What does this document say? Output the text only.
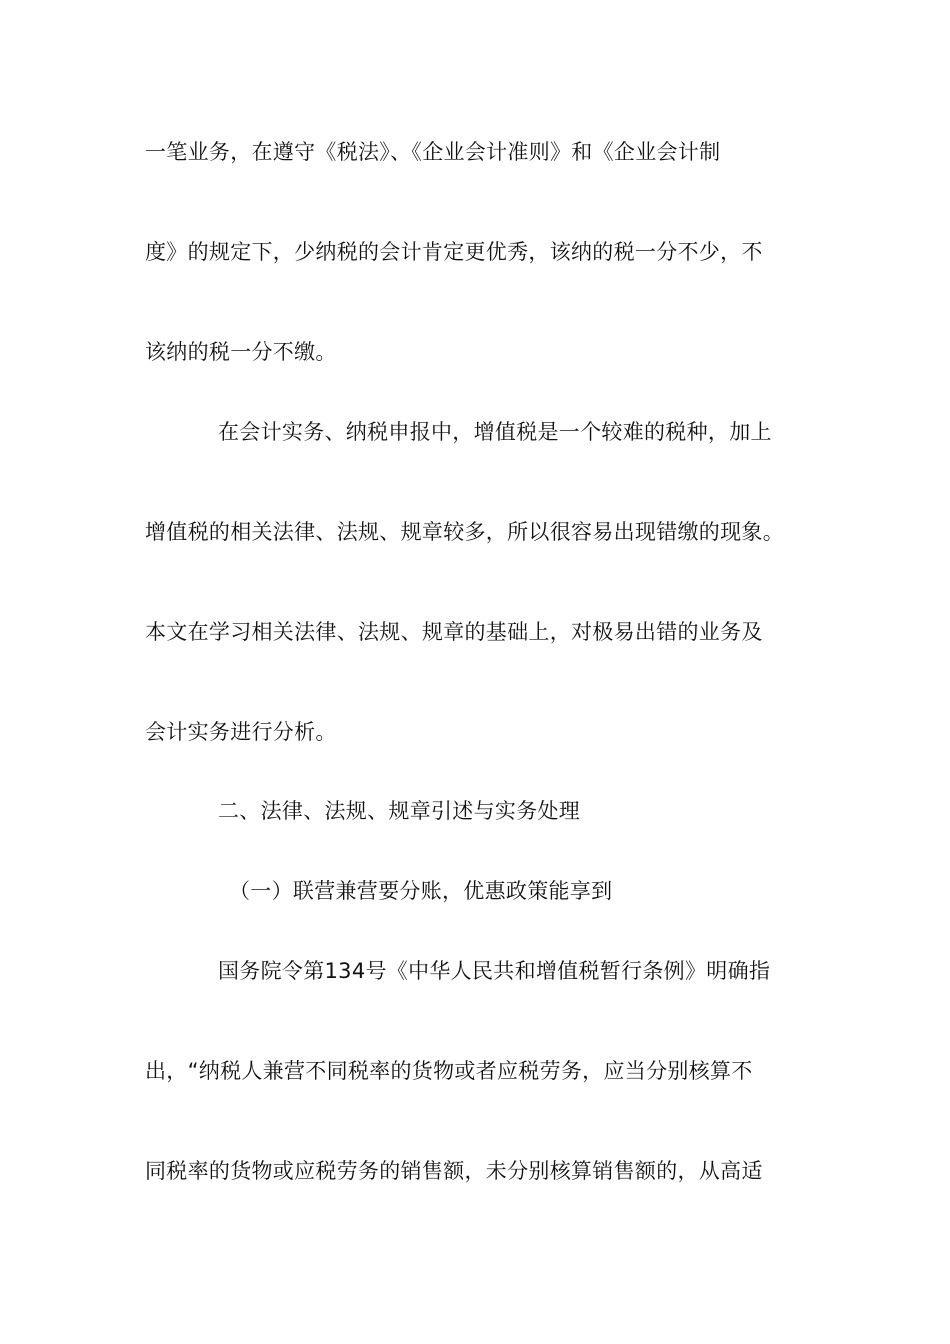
一笔业务，在遵守《税法》、《企业会计准则》和《企业会计制
度》的规定下，少纳税的会计肯定更优秀，该纳的税一分不少，不
该纳的税一分不缴。
在会计实务、纳税申报中，增值税是一个较难的税种，加上
增值税的相关法律、法规、规章较多，所以很容易出现错缴的现象。
本文在学习相关法律、法规、规章的基础上，对极易出错的业务及
会计实务进行分析。
二、法律、法规、规章引述与实务处理
（一）联营兼营要分账，优惠政策能享到
国务院令第134号《中华人民共和增值税暂行条例》明确指
出，“纳税人兼营不同税率的货物或者应税劳务，应当分别核算不
同税率的货物或应税劳务的销售额，未分别核算销售额的，从高适
